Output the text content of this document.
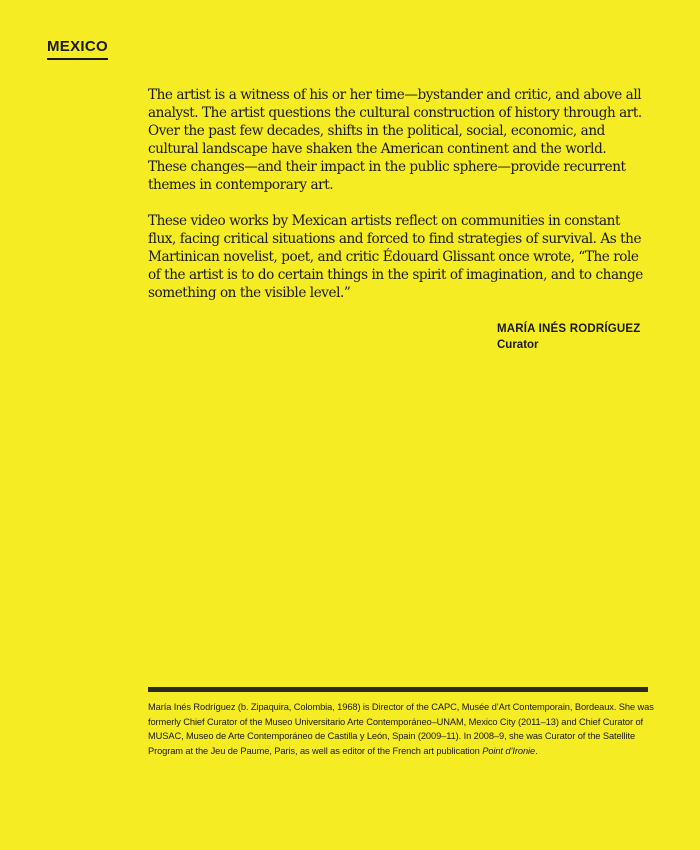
MEXICO

The artist is a witness of his or her time—bystander and critic, and above all analyst. The artist questions the cultural construction of history through art. Over the past few decades, shifts in the political, social, economic, and cultural landscape have shaken the American continent and the world. These changes—and their impact in the public sphere—provide recurrent themes in contemporary art.

These video works by Mexican artists reflect on communities in constant flux, facing critical situations and forced to find strategies of survival. As the Martinican novelist, poet, and critic Édouard Glissant once wrote, “The role of the artist is to do certain things in the spirit of imagination, and to change something on the visible level.”

MARÍA INÉS RODRÍGUEZ
Curator
María Inés Rodríguez (b. Zipaquira, Colombia, 1968) is Director of the CAPC, Musée d’Art Contemporain, Bordeaux. She was formerly Chief Curator of the Museo Universitario Arte Contemporáneo–UNAM, Mexico City (2011–13) and Chief Curator of MUSAC, Museo de Arte Contemporáneo de Castilla y León, Spain (2009–11). In 2008–9, she was Curator of the Satellite Program at the Jeu de Paume, Paris, as well as editor of the French art publication Point d’Ironie.
